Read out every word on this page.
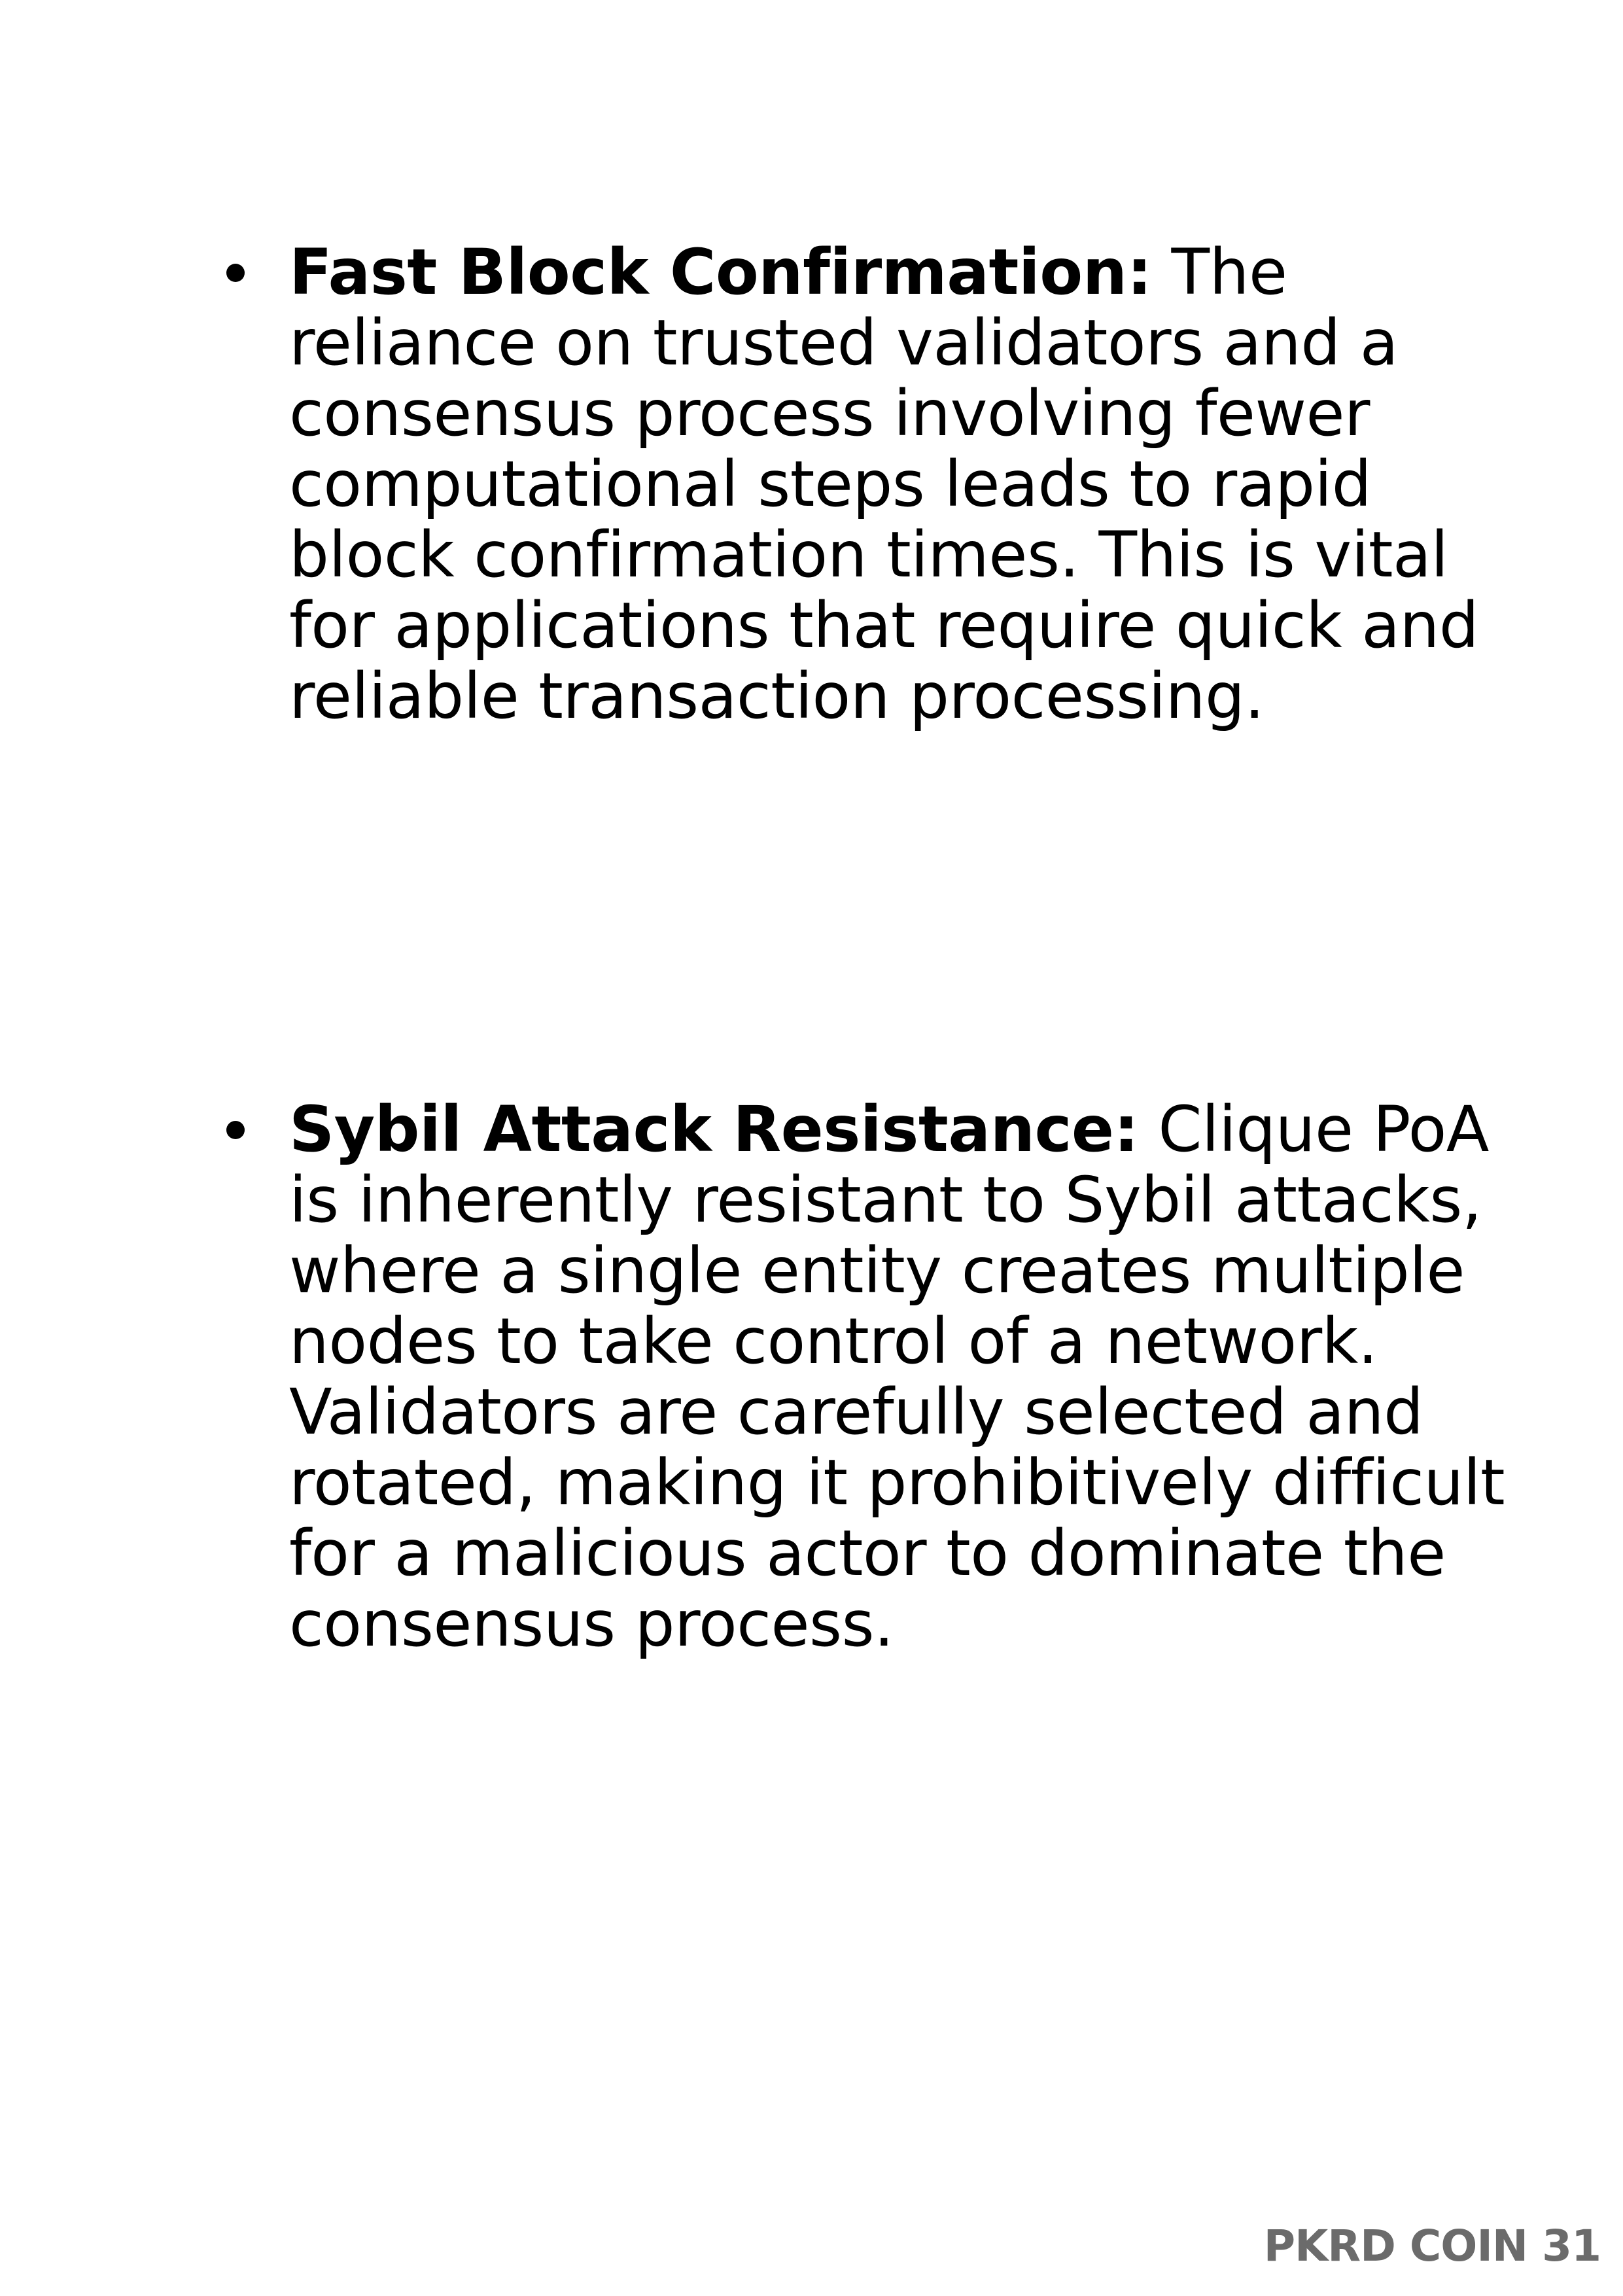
Fast Block Confirmation: The reliance on trusted validators and a consensus process involving fewer computational steps leads to rapid block confirmation times. This is vital for applications that require quick and reliable transaction processing.
Sybil Attack Resistance: Clique PoA is inherently resistant to Sybil attacks, where a single entity creates multiple nodes to take control of a network. Validators are carefully selected and rotated, making it prohibitively difficult for a malicious actor to dominate the consensus process.
PKRD COIN 31
